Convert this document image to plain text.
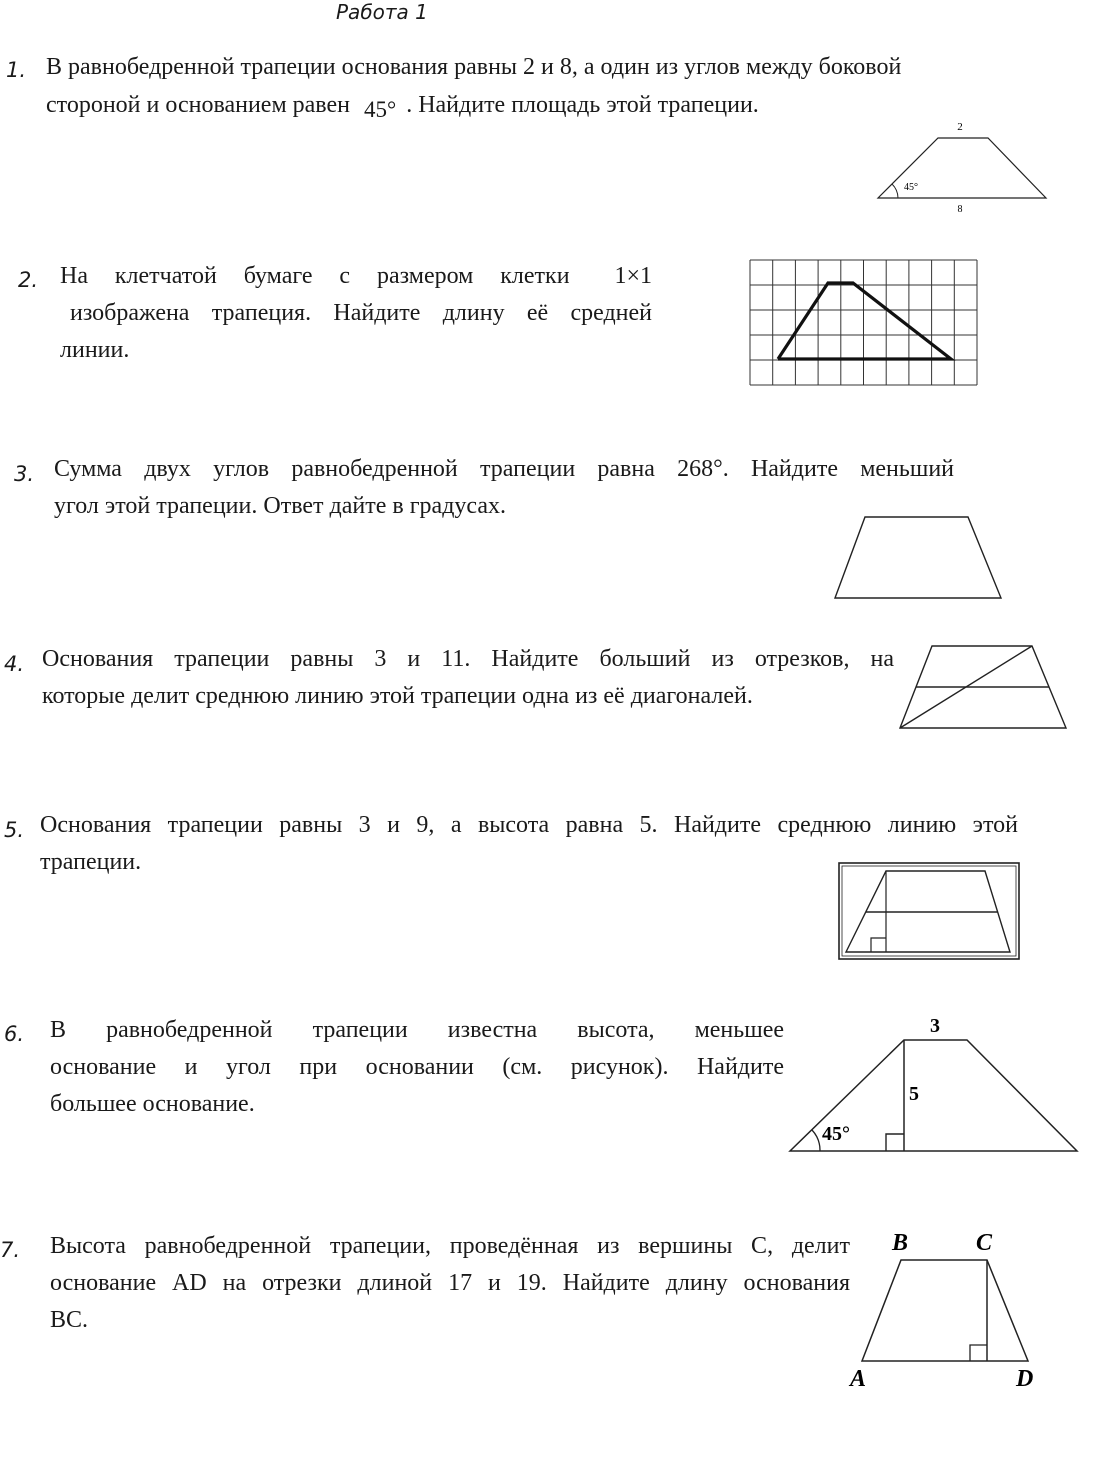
Работа 1
1. В равнобедренной трапеции основания равны 2 и 8, а один из углов между боковой
стороной и основанием равен 45° . Найдите площадь этой трапеции.
2
45°
8
2. На клетчатой бумаге с размером клетки 1×1
изображена трапеция. Найдите длину её средней
линии.
3. Сумма двух углов равнобедренной трапеции равна 268°. Найдите меньший
угол этой трапеции. Ответ дайте в градусах.
4. Основания трапеции равны 3 и 11. Найдите больший из отрезков, на
которые делит среднюю линию этой трапеции одна из её диагоналей.
5. Основания трапеции равны 3 и 9, а высота равна 5. Найдите среднюю линию этой
трапеции.
6. В равнобедренной трапеции известна высота, меньшее
основание и угол при основании (см. рисунок). Найдите
большее основание.
3
5
45°
7. Высота равнобедренной трапеции, проведённая из вершины C, делит
основание AD на отрезки длиной 17 и 19. Найдите длину основания
BC.
B	C
A	D
